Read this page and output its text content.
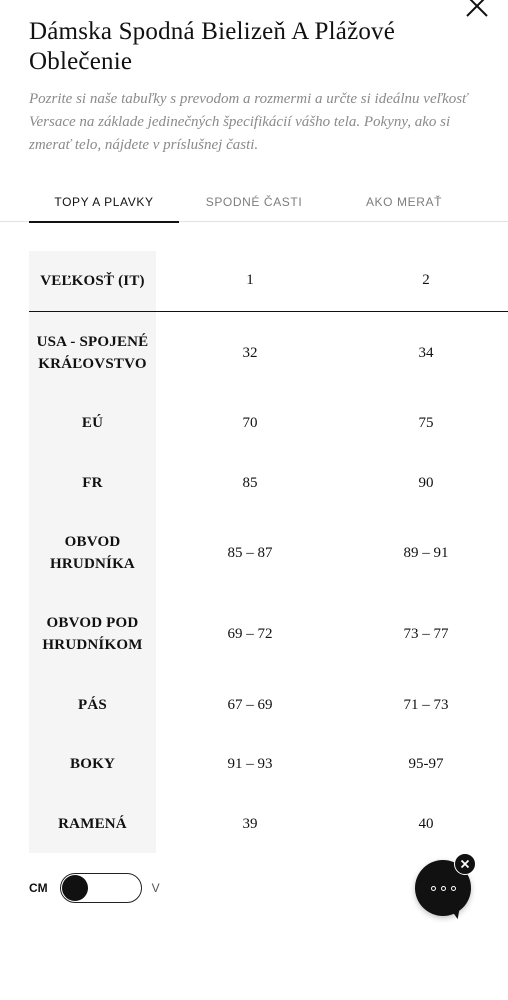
Dámska Spodná Bielizeň A Plážové Oblečenie

Pozrite si naše tabuľky s prevodom a rozmermi a určte si ideálnu veľkosť Versace na základe jedinečných špecifikácií vášho tela. Pokyny, ako si zmerať telo, nájdete v príslušnej časti.

TOPY A PLAVKY	SPODNÉ ČASTI	AKO MERAŤ
VEĽKOSŤ (IT)	1	2
USA - SPOJENÉ KRÁĽOVSTVO	32	34
EÚ	70	75
FR	85	90
OBVOD HRUDNÍKA	85 – 87	89 – 91
OBVOD POD HRUDNÍKOM	69 – 72	73 – 77
PÁS	67 – 69	71 – 73
BOKY	91 – 93	95-97
RAMENÁ	39	40
CM	V
